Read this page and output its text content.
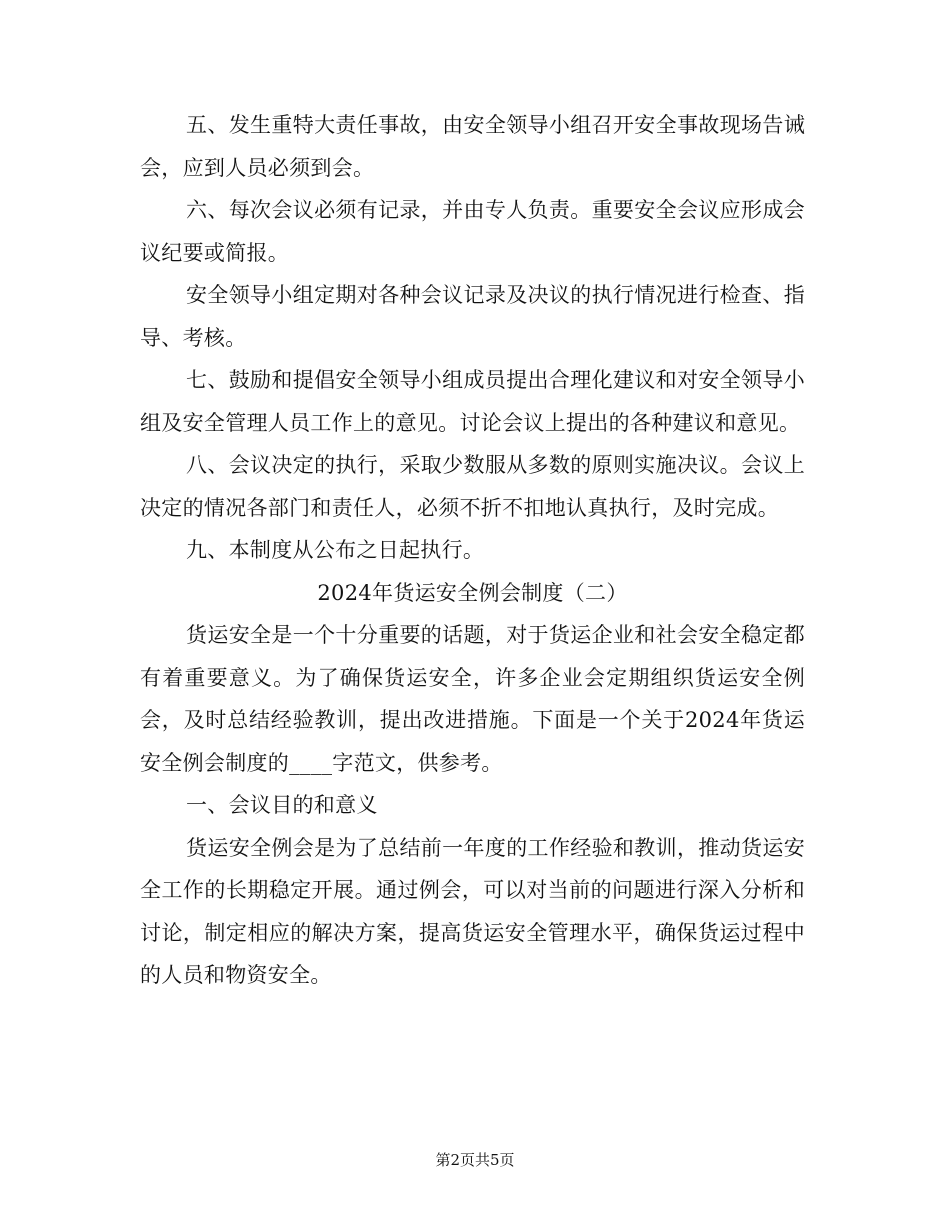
五、发生重特大责任事故，由安全领导小组召开安全事故现场告诫会，应到人员必须到会。

六、每次会议必须有记录，并由专人负责。重要安全会议应形成会议纪要或简报。

安全领导小组定期对各种会议记录及决议的执行情况进行检查、指导、考核。

七、鼓励和提倡安全领导小组成员提出合理化建议和对安全领导小组及安全管理人员工作上的意见。讨论会议上提出的各种建议和意见。

八、会议决定的执行，采取少数服从多数的原则实施决议。会议上决定的情况各部门和责任人，必须不折不扣地认真执行，及时完成。

九、本制度从公布之日起执行。

2024年货运安全例会制度（二）

货运安全是一个十分重要的话题，对于货运企业和社会安全稳定都有着重要意义。为了确保货运安全，许多企业会定期组织货运安全例会，及时总结经验教训，提出改进措施。下面是一个关于2024年货运安全例会制度的____字范文，供参考。

一、会议目的和意义

货运安全例会是为了总结前一年度的工作经验和教训，推动货运安全工作的长期稳定开展。通过例会，可以对当前的问题进行深入分析和讨论，制定相应的解决方案，提高货运安全管理水平，确保货运过程中的人员和物资安全。

第2页共5页
